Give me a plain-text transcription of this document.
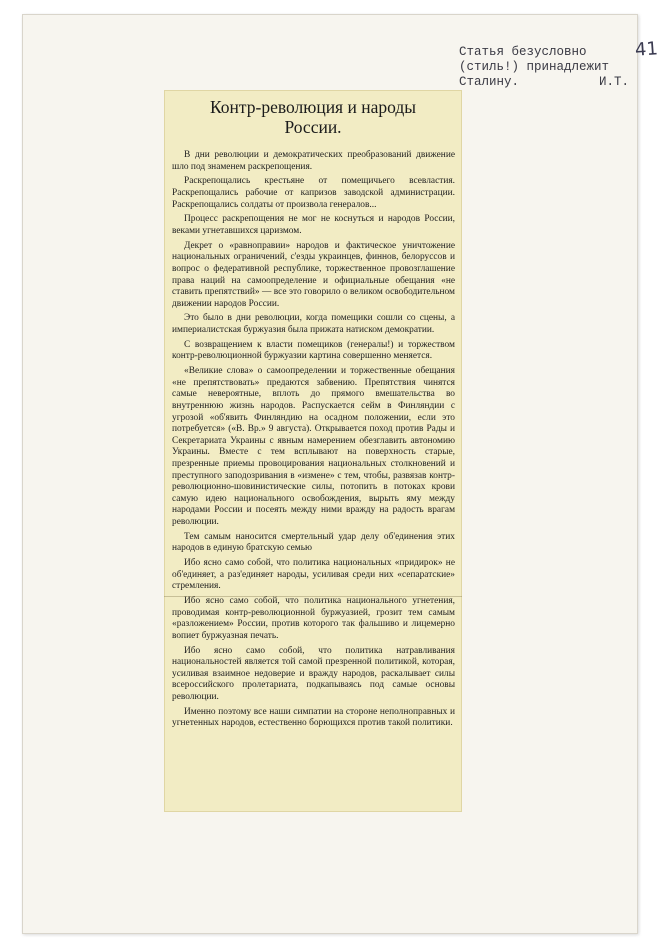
Статья безусловно
(стиль!) принадлежит
Сталину.	И.Т.
41
Контр-революция и народы
России.

В дни революции и демократических преобразований движение шло под знаменем раскрепощения.

Раскрепощались крестьяне от помещичьего всевластия. Раскрепощались рабочие от капризов заводской администрации. Раскрепощались солдаты от произвола генералов...

Процесс раскрепощения не мог не коснуться и народов России, веками угнетавшихся царизмом.

Декрет о «равноправии» народов и фактическое уничтожение национальных ограничений, с'езды украинцев, финнов, белоруссов и вопрос о федеративной республике, торжественное провозглашение права наций на самоопределение и официальные обещания «не ставить препятствий» — все это говорило о великом освободительном движении народов России.

Это было в дни революции, когда помещики сошли со сцены, а империалистская буржуазия была прижата натиском демократии.

С возвращением к власти помещиков (генералы!) и торжеством контр-революционной буржуазии картина совершенно меняется.

«Великие слова» о самоопределении и торжественные обещания «не препятствовать» предаются забвению. Препятствия чинятся самые невероятные, вплоть до прямого вмешательства во внутреннюю жизнь народов. Распускается сейм в Финляндии с угрозой «об'явить Финляндию на осадном положении, если это потребуется» («В. Вр.» 9 августа). Открывается поход против Рады и Секретариата Украины с явным намерением обезглавить автономию Украины. Вместе с тем всплывают на поверхность старые, презренные приемы провоцирования национальных столкновений и преступного заподозривания в «измене» с тем, чтобы, развязав контр-революционно-шовинистические силы, потопить в потоках крови самую идею национального освобождения, вырыть яму между народами России и посеять между ними вражду на радость врагам революции.

Тем самым наносится смертельный удар делу об'единения этих народов в единую братскую семью

Ибо ясно само собой, что политика национальных «придирок» не об'единяет, а раз'единяет народы, усиливая среди них «сепаратские» стремления.

Ибо ясно само собой, что политика национального угнетения, проводимая контр-революционной буржуазией, грозит тем самым «разложением» России, против которого так фальшиво и лицемерно вопиет буржуазная печать.

Ибо ясно само собой, что политика натравливания национальностей является той самой презренной политикой, которая, усиливая взаимное недоверие и вражду народов, раскалывает силы всероссийского пролетариата, подкапываясь под самые основы революции.

Именно поэтому все наши симпатии на стороне неполноправных и угнетенных народов, естественно борющихся против такой политики.
